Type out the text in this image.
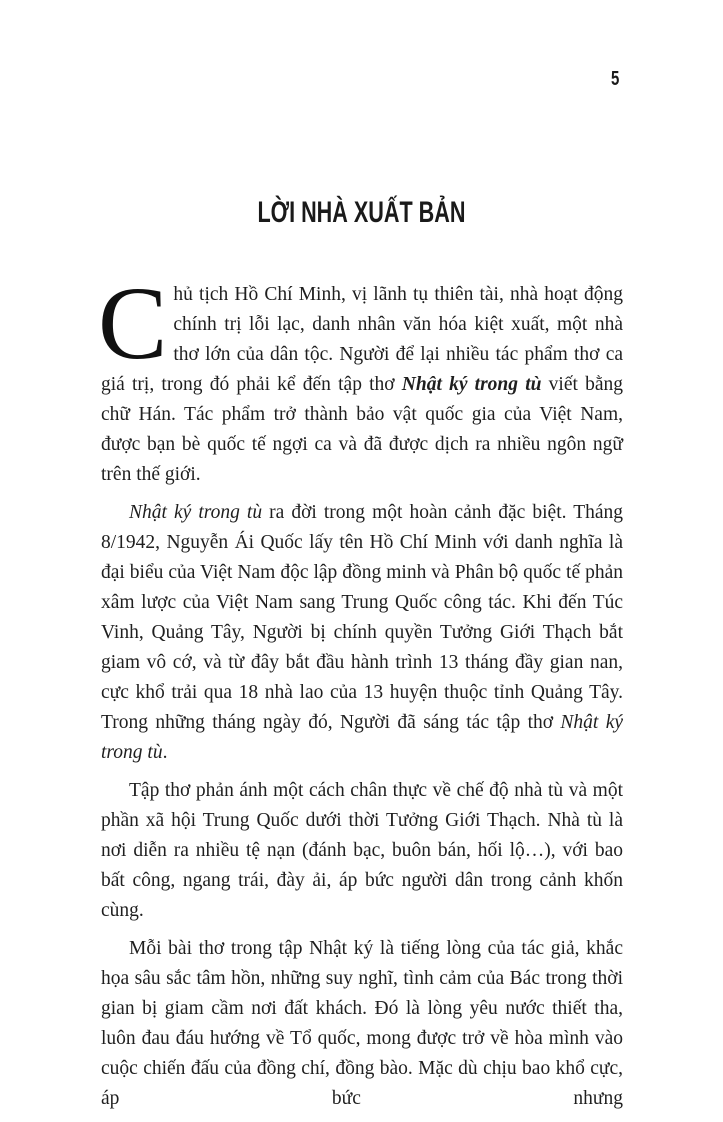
5
LỜI NHÀ XUẤT BẢN

Chủ tịch Hồ Chí Minh, vị lãnh tụ thiên tài, nhà hoạt động chính trị lỗi lạc, danh nhân văn hóa kiệt xuất, một nhà thơ lớn của dân tộc. Người để lại nhiều tác phẩm thơ ca giá trị, trong đó phải kể đến tập thơ Nhật ký trong tù viết bằng chữ Hán. Tác phẩm trở thành bảo vật quốc gia của Việt Nam, được bạn bè quốc tế ngợi ca và đã được dịch ra nhiều ngôn ngữ trên thế giới.

Nhật ký trong tù ra đời trong một hoàn cảnh đặc biệt. Tháng 8/1942, Nguyễn Ái Quốc lấy tên Hồ Chí Minh với danh nghĩa là đại biểu của Việt Nam độc lập đồng minh và Phân bộ quốc tế phản xâm lược của Việt Nam sang Trung Quốc công tác. Khi đến Túc Vinh, Quảng Tây, Người bị chính quyền Tưởng Giới Thạch bắt giam vô cớ, và từ đây bắt đầu hành trình 13 tháng đầy gian nan, cực khổ trải qua 18 nhà lao của 13 huyện thuộc tỉnh Quảng Tây. Trong những tháng ngày đó, Người đã sáng tác tập thơ Nhật ký trong tù.

Tập thơ phản ánh một cách chân thực về chế độ nhà tù và một phần xã hội Trung Quốc dưới thời Tưởng Giới Thạch. Nhà tù là nơi diễn ra nhiều tệ nạn (đánh bạc, buôn bán, hối lộ…), với bao bất công, ngang trái, đày ải, áp bức người dân trong cảnh khốn cùng.

Mỗi bài thơ trong tập Nhật ký là tiếng lòng của tác giả, khắc họa sâu sắc tâm hồn, những suy nghĩ, tình cảm của Bác trong thời gian bị giam cầm nơi đất khách. Đó là lòng yêu nước thiết tha, luôn đau đáu hướng về Tổ quốc, mong được trở về hòa mình vào cuộc chiến đấu của đồng chí, đồng bào. Mặc dù chịu bao khổ cực, áp bức nhưng
